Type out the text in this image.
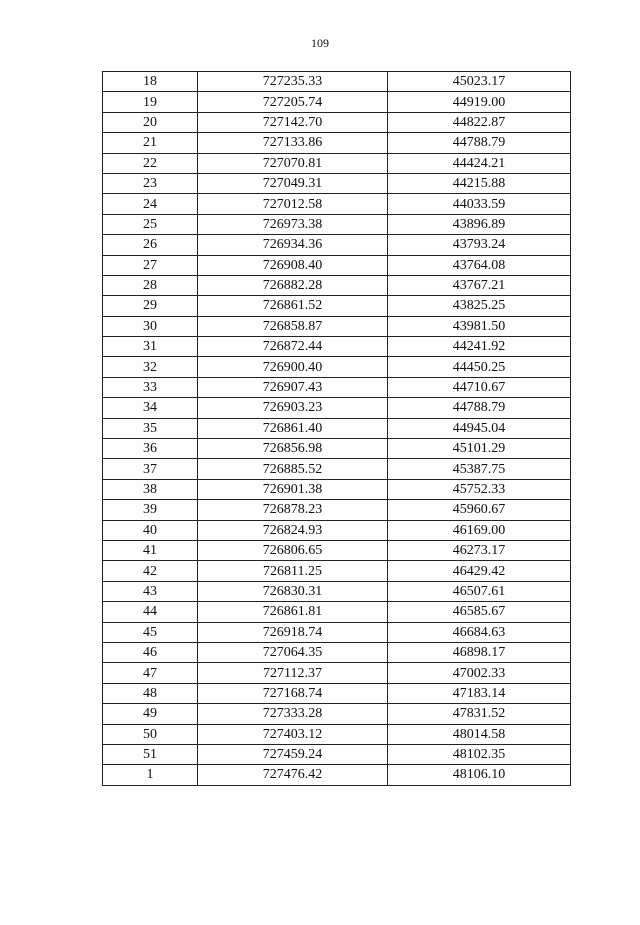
109
18	727235.33	45023.17
19	727205.74	44919.00
20	727142.70	44822.87
21	727133.86	44788.79
22	727070.81	44424.21
23	727049.31	44215.88
24	727012.58	44033.59
25	726973.38	43896.89
26	726934.36	43793.24
27	726908.40	43764.08
28	726882.28	43767.21
29	726861.52	43825.25
30	726858.87	43981.50
31	726872.44	44241.92
32	726900.40	44450.25
33	726907.43	44710.67
34	726903.23	44788.79
35	726861.40	44945.04
36	726856.98	45101.29
37	726885.52	45387.75
38	726901.38	45752.33
39	726878.23	45960.67
40	726824.93	46169.00
41	726806.65	46273.17
42	726811.25	46429.42
43	726830.31	46507.61
44	726861.81	46585.67
45	726918.74	46684.63
46	727064.35	46898.17
47	727112.37	47002.33
48	727168.74	47183.14
49	727333.28	47831.52
50	727403.12	48014.58
51	727459.24	48102.35
1	727476.42	48106.10
